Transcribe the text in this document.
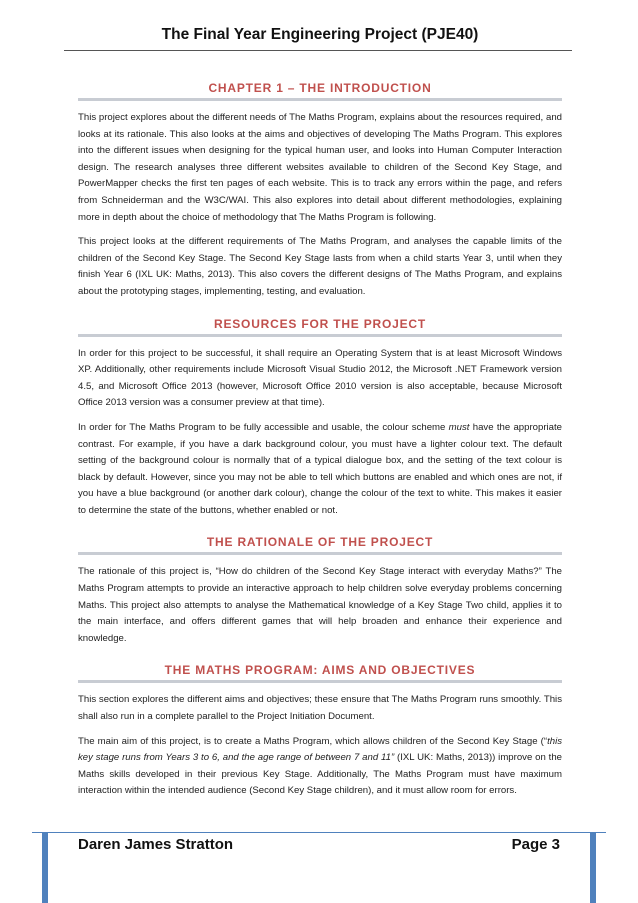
The Final Year Engineering Project (PJE40)
CHAPTER 1 – THE INTRODUCTION

This project explores about the different needs of The Maths Program, explains about the resources required, and looks at its rationale. This also looks at the aims and objectives of developing The Maths Program. This explores into the different issues when designing for the typical human user, and looks into Human Computer Interaction design. The research analyses three different websites available to children of the Second Key Stage, and PowerMapper checks the first ten pages of each website. This is to track any errors within the page, and refers from Schneiderman and the W3C/WAI. This also explores into detail about different methodologies, explaining more in depth about the choice of methodology that The Maths Program is following.

This project looks at the different requirements of The Maths Program, and analyses the capable limits of the children of the Second Key Stage. The Second Key Stage lasts from when a child starts Year 3, until when they finish Year 6 (IXL UK: Maths, 2013). This also covers the different designs of The Maths Program, and explains about the prototyping stages, implementing, testing, and evaluation.

RESOURCES FOR THE PROJECT

In order for this project to be successful, it shall require an Operating System that is at least Microsoft Windows XP. Additionally, other requirements include Microsoft Visual Studio 2012, the Microsoft .NET Framework version 4.5, and Microsoft Office 2013 (however, Microsoft Office 2010 version is also acceptable, because Microsoft Office 2013 version was a consumer preview at that time).

In order for The Maths Program to be fully accessible and usable, the colour scheme must have the appropriate contrast. For example, if you have a dark background colour, you must have a lighter colour text. The default setting of the background colour is normally that of a typical dialogue box, and the setting of the text colour is black by default. However, since you may not be able to tell which buttons are enabled and which ones are not, if you have a blue background (or another dark colour), change the colour of the text to white. This makes it easier to determine the state of the buttons, whether enabled or not.

THE RATIONALE OF THE PROJECT

The rationale of this project is, “How do children of the Second Key Stage interact with everyday Maths?” The Maths Program attempts to provide an interactive approach to help children solve everyday problems concerning Maths. This project also attempts to analyse the Mathematical knowledge of a Key Stage Two child, applies it to the main interface, and offers different games that will help broaden and enhance their experience and knowledge.

THE MATHS PROGRAM: AIMS AND OBJECTIVES

This section explores the different aims and objectives; these ensure that The Maths Program runs smoothly. This shall also run in a complete parallel to the Project Initiation Document.

The main aim of this project, is to create a Maths Program, which allows children of the Second Key Stage (“this key stage runs from Years 3 to 6, and the age range of between 7 and 11” (IXL UK: Maths, 2013)) improve on the Maths skills developed in their previous Key Stage. Additionally, The Maths Program must have maximum interaction within the intended audience (Second Key Stage children), and it must allow room for errors.

Daren James Stratton	Page 3
